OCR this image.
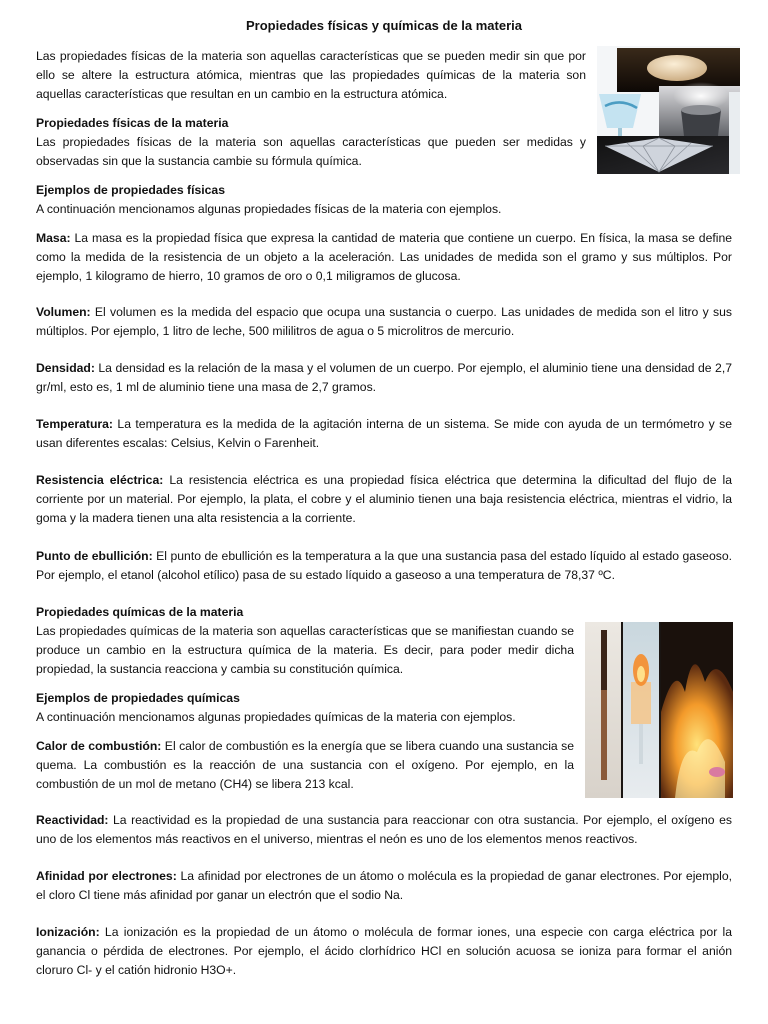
Propiedades físicas y químicas de la materia

Las propiedades físicas de la materia son aquellas características que se pueden medir sin que por ello se altere la estructura atómica, mientras que las propiedades químicas de la materia son aquellas características que resultan en un cambio en la estructura atómica.

Propiedades físicas de la materia
Las propiedades físicas de la materia son aquellas características que pueden ser medidas y observadas sin que la sustancia cambie su fórmula química.
Ejemplos de propiedades físicas
A continuación mencionamos algunas propiedades físicas de la materia con ejemplos.

Masa: La masa es la propiedad física que expresa la cantidad de materia que contiene un cuerpo. En física, la masa se define como la medida de la resistencia de un objeto a la aceleración. Las unidades de medida son el gramo y sus múltiplos. Por ejemplo, 1 kilogramo de hierro, 10 gramos de oro o 0,1 miligramos de glucosa.

Volumen: El volumen es la medida del espacio que ocupa una sustancia o cuerpo. Las unidades de medida son el litro y sus múltiplos. Por ejemplo, 1 litro de leche, 500 mililitros de agua o 5 microlitros de mercurio.

Densidad: La densidad es la relación de la masa y el volumen de un cuerpo. Por ejemplo, el aluminio tiene una densidad de 2,7 gr/ml, esto es, 1 ml de aluminio tiene una masa de 2,7 gramos.

Temperatura: La temperatura es la medida de la agitación interna de un sistema. Se mide con ayuda de un termómetro y se usan diferentes escalas: Celsius, Kelvin o Farenheit.

Resistencia eléctrica: La resistencia eléctrica es una propiedad física eléctrica que determina la dificultad del flujo de la corriente por un material. Por ejemplo, la plata, el cobre y el aluminio tienen una baja resistencia eléctrica, mientras el vidrio, la goma y la madera tienen una alta resistencia a la corriente.

Punto de ebullición: El punto de ebullición es la temperatura a la que una sustancia pasa del estado líquido al estado gaseoso. Por ejemplo, el etanol (alcohol etílico) pasa de su estado líquido a gaseoso a una temperatura de 78,37 ºC.

Propiedades químicas de la materia
Las propiedades químicas de la materia son aquellas características que se manifiestan cuando se produce un cambio en la estructura química de la materia. Es decir, para poder medir dicha propiedad, la sustancia reacciona y cambia su constitución química.
Ejemplos de propiedades químicas
A continuación mencionamos algunas propiedades químicas de la materia con ejemplos.

Calor de combustión: El calor de combustión es la energía que se libera cuando una sustancia se quema. La combustión es la reacción de una sustancia con el oxígeno. Por ejemplo, en la combustión de un mol de metano (CH4) se libera 213 kcal.

Reactividad: La reactividad es la propiedad de una sustancia para reaccionar con otra sustancia. Por ejemplo, el oxígeno es uno de los elementos más reactivos en el universo, mientras el neón es uno de los elementos menos reactivos.

Afinidad por electrones: La afinidad por electrones de un átomo o molécula es la propiedad de ganar electrones. Por ejemplo, el cloro Cl tiene más afinidad por ganar un electrón que el sodio Na.

Ionización: La ionización es la propiedad de un átomo o molécula de formar iones, una especie con carga eléctrica por la ganancia o pérdida de electrones. Por ejemplo, el ácido clorhídrico HCl en solución acuosa se ioniza para formar el anión cloruro Cl- y el catión hidronio H3O+.
